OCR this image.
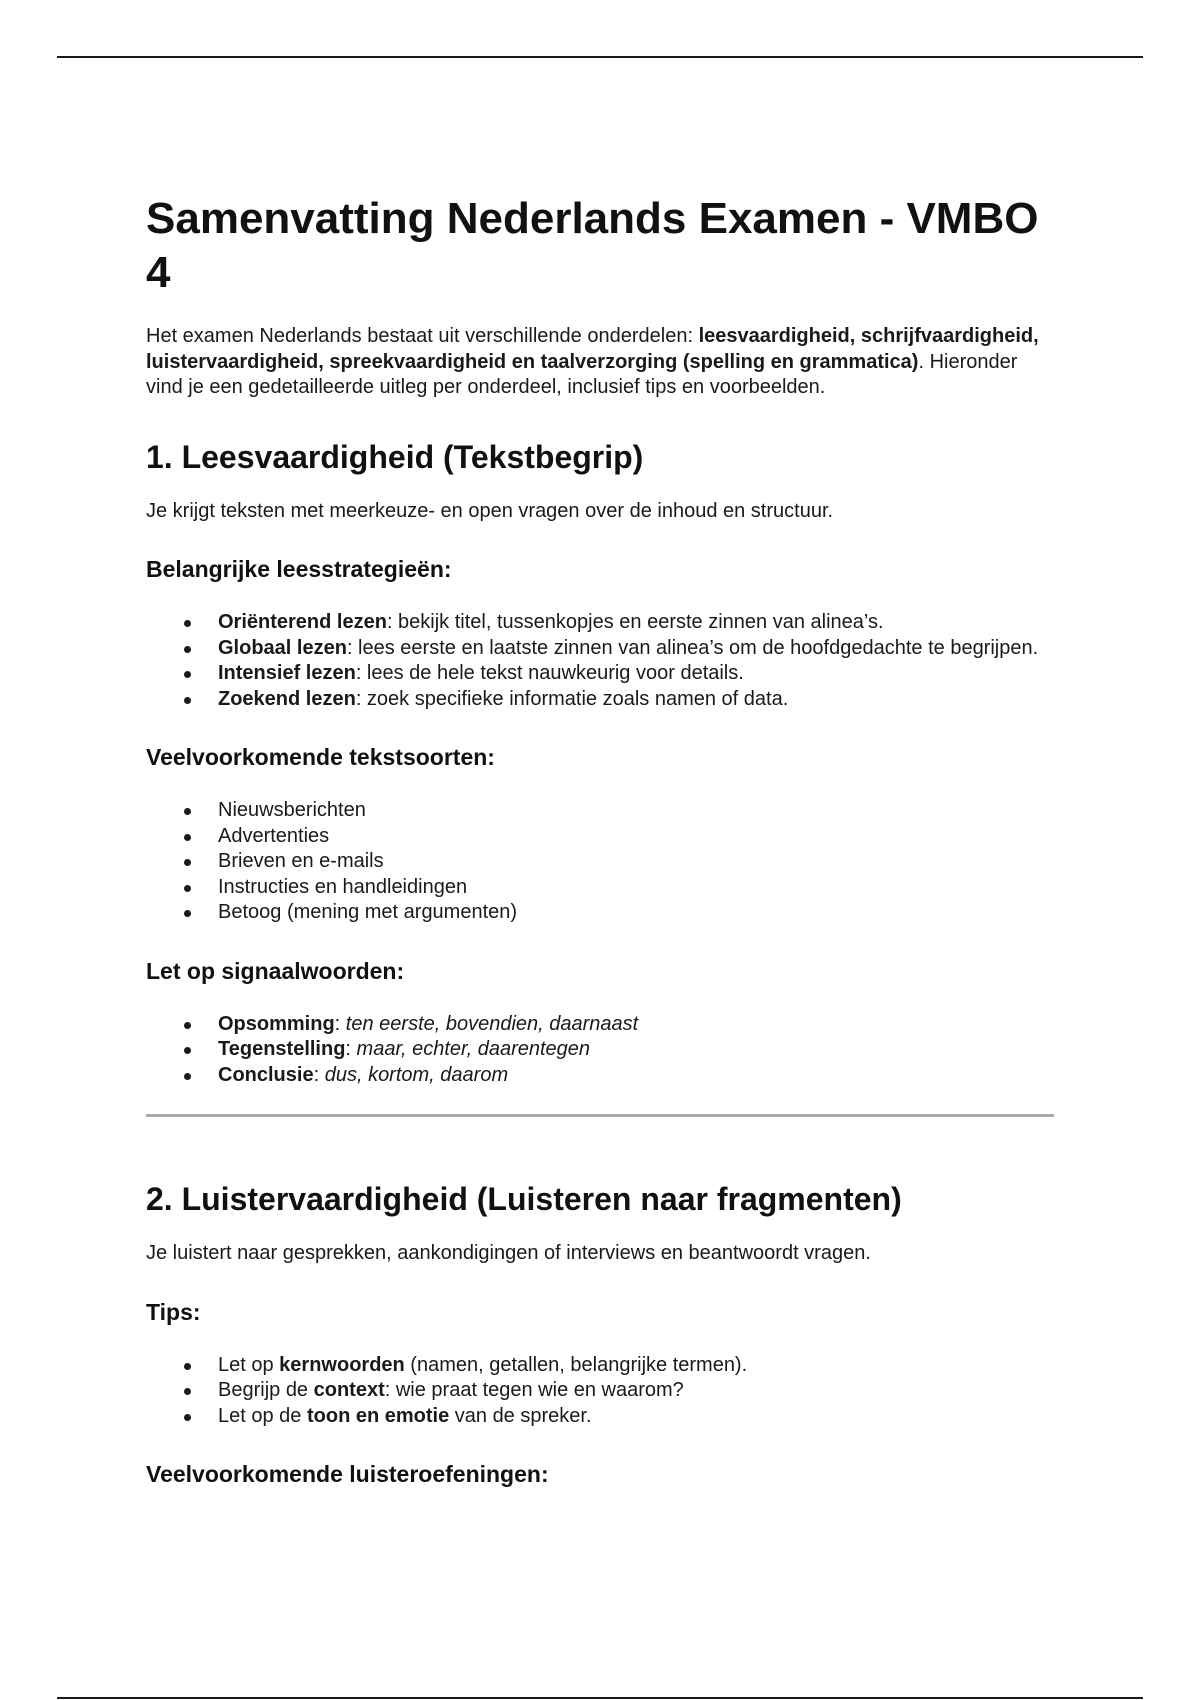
Samenvatting Nederlands Examen - VMBO 4

Het examen Nederlands bestaat uit verschillende onderdelen: leesvaardigheid, schrijfvaardigheid, luistervaardigheid, spreekvaardigheid en taalverzorging (spelling en grammatica). Hieronder vind je een gedetailleerde uitleg per onderdeel, inclusief tips en voorbeelden.

1. Leesvaardigheid (Tekstbegrip)

Je krijgt teksten met meerkeuze- en open vragen over de inhoud en structuur.

Belangrijke leesstrategieën:
Oriënterend lezen: bekijk titel, tussenkopjes en eerste zinnen van alinea’s.
Globaal lezen: lees eerste en laatste zinnen van alinea’s om de hoofdgedachte te begrijpen.
Intensief lezen: lees de hele tekst nauwkeurig voor details.
Zoekend lezen: zoek specifieke informatie zoals namen of data.
Veelvoorkomende tekstsoorten:
Nieuwsberichten
Advertenties
Brieven en e-mails
Instructies en handleidingen
Betoog (mening met argumenten)
Let op signaalwoorden:
Opsomming: ten eerste, bovendien, daarnaast
Tegenstelling: maar, echter, daarentegen
Conclusie: dus, kortom, daarom
2. Luistervaardigheid (Luisteren naar fragmenten)

Je luistert naar gesprekken, aankondigingen of interviews en beantwoordt vragen.

Tips:
Let op kernwoorden (namen, getallen, belangrijke termen).
Begrijp de context: wie praat tegen wie en waarom?
Let op de toon en emotie van de spreker.
Veelvoorkomende luisteroefeningen:
